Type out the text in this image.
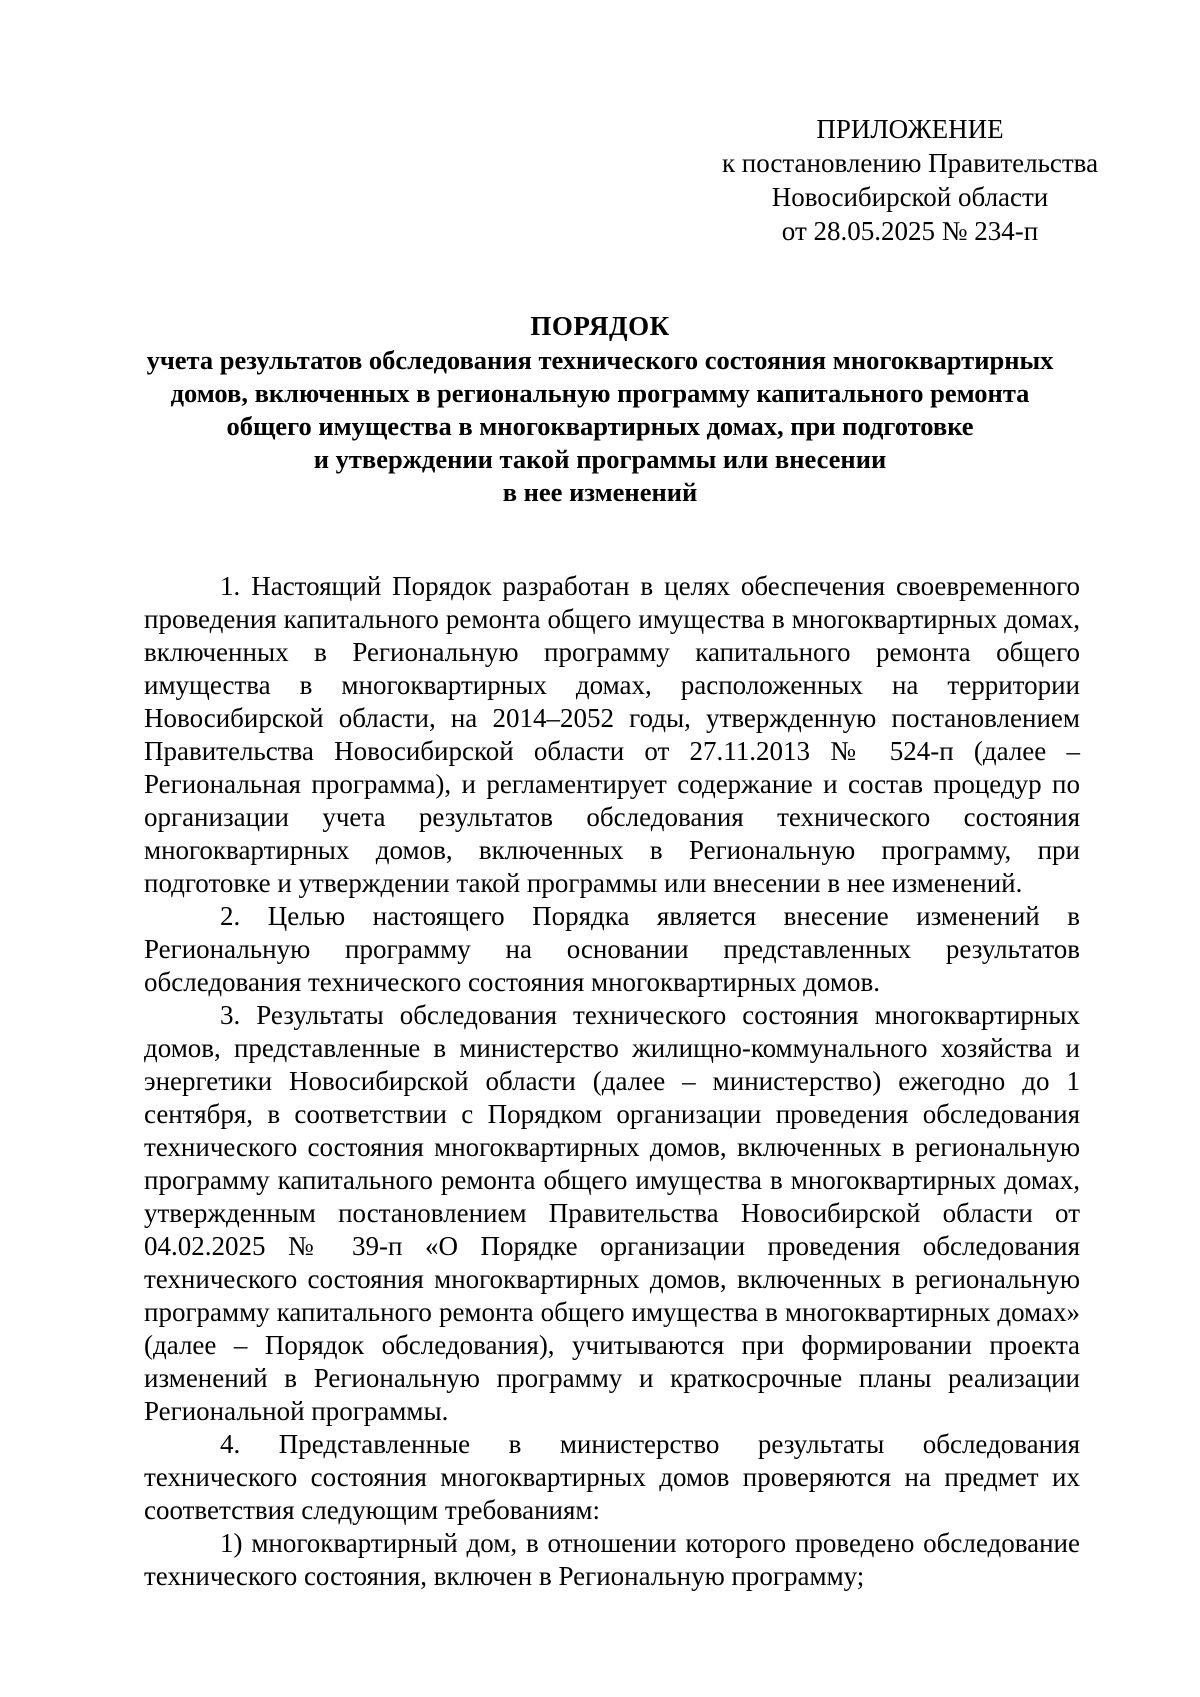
ПРИЛОЖЕНИЕ
к постановлению Правительства
Новосибирской области
от 28.05.2025 № 234-п
ПОРЯДОК
учета результатов обследования технического состояния многоквартирных
домов, включенных в региональную программу капитального ремонта
общего имущества в многоквартирных домах, при подготовке
и утверждении такой программы или внесении
в нее изменений

1. Настоящий Порядок разработан в целях обеспечения своевременного проведения капитального ремонта общего имущества в многоквартирных домах, включенных в Региональную программу капитального ремонта общего имущества в многоквартирных домах, расположенных на территории Новосибирской области, на 2014–2052 годы, утвержденную постановлением Правительства Новосибирской области от 27.11.2013 № 524-п (далее – Региональная программа), и регламентирует содержание и состав процедур по организации учета результатов обследования технического состояния многоквартирных домов, включенных в Региональную программу, при подготовке и утверждении такой программы или внесении в нее изменений.

2. Целью настоящего Порядка является внесение изменений в Региональную программу на основании представленных результатов обследования технического состояния многоквартирных домов.

3. Результаты обследования технического состояния многоквартирных домов, представленные в министерство жилищно-коммунального хозяйства и энергетики Новосибирской области (далее – министерство) ежегодно до 1 сентября, в соответствии с Порядком организации проведения обследования технического состояния многоквартирных домов, включенных в региональную программу капитального ремонта общего имущества в многоквартирных домах, утвержденным постановлением Правительства Новосибирской области от 04.02.2025 № 39-п «О Порядке организации проведения обследования технического состояния многоквартирных домов, включенных в региональную программу капитального ремонта общего имущества в многоквартирных домах» (далее – Порядок обследования), учитываются при формировании проекта изменений в Региональную программу и краткосрочные планы реализации Региональной программы.

4. Представленные в министерство результаты обследования технического состояния многоквартирных домов проверяются на предмет их соответствия следующим требованиям:

1) многоквартирный дом, в отношении которого проведено обследование технического состояния, включен в Региональную программу;
